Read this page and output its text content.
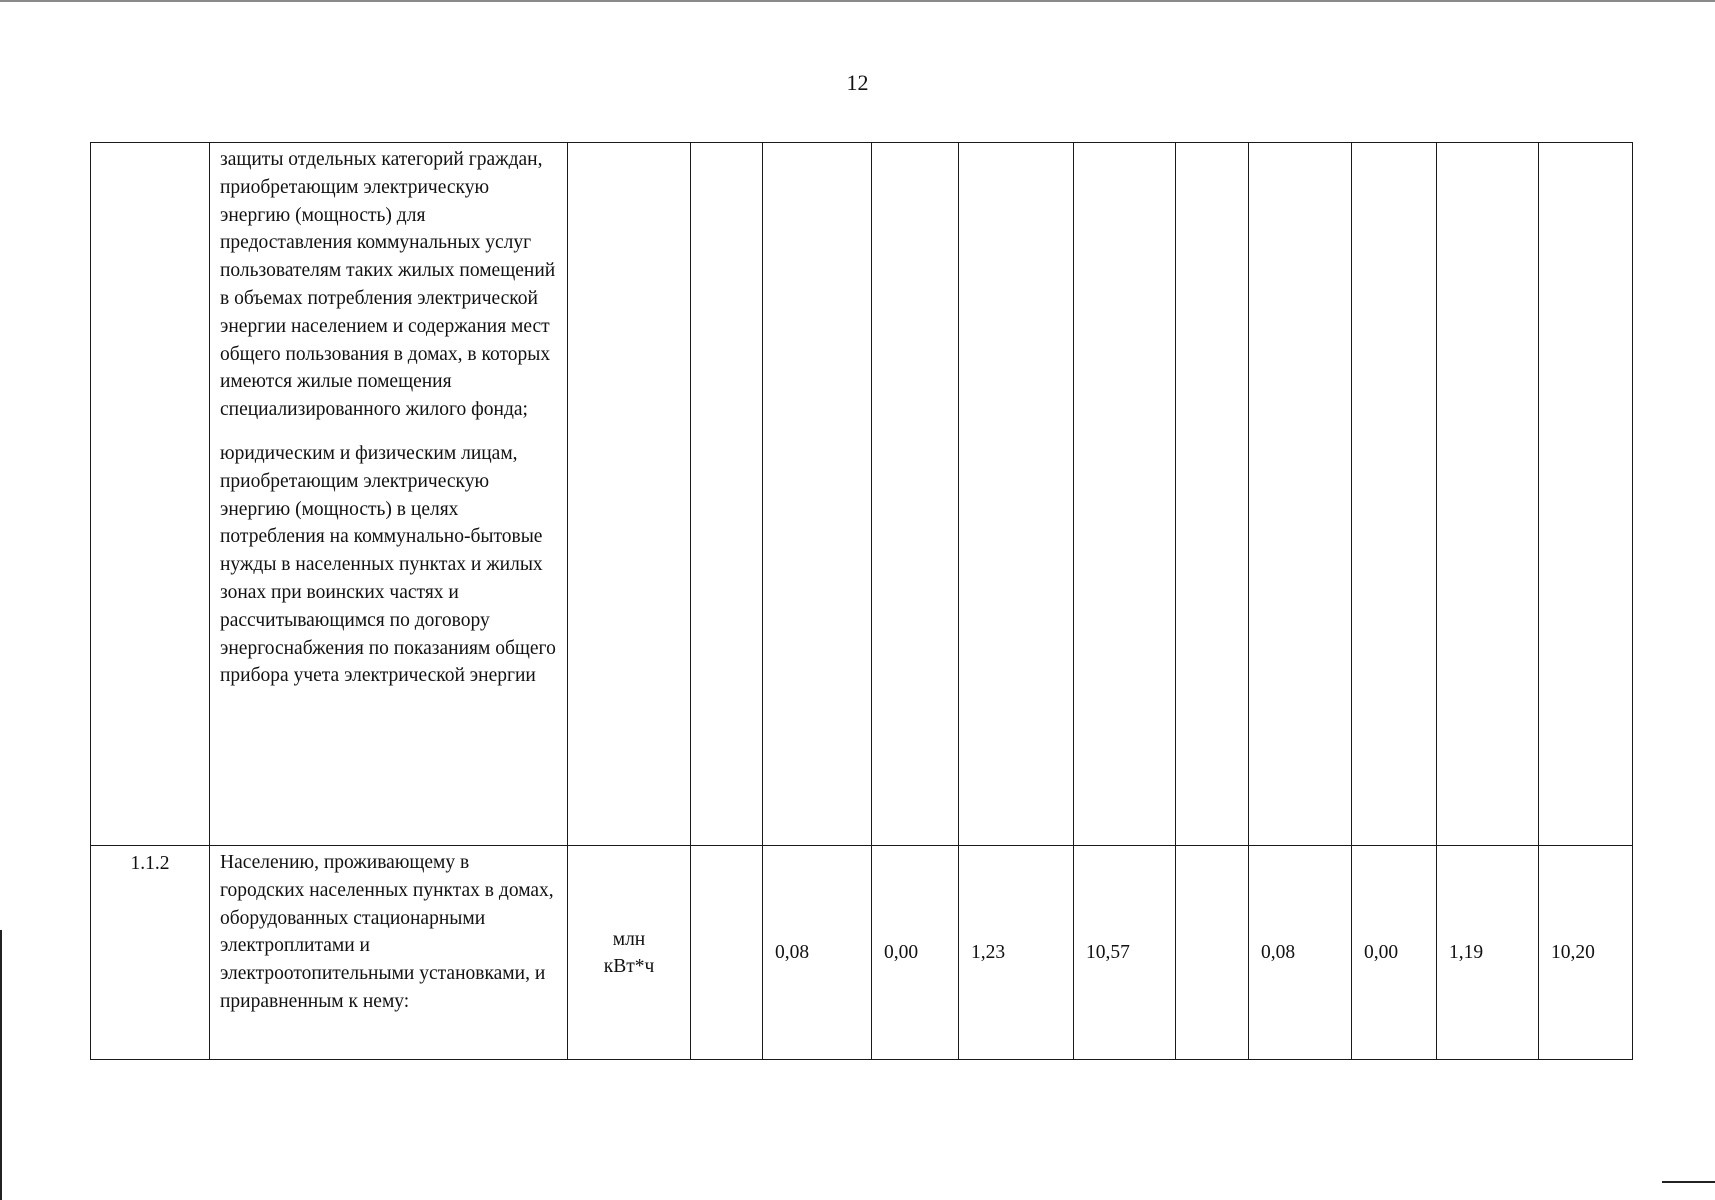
12

	защиты отдельных категорий граждан, приобретающим электрическую энергию (мощность) для предоставления коммунальных услуг пользователям таких жилых помещений в объемах потребления электрической энергии населением и содержания мест общего пользования в домах, в которых имеются жилые помещения специализированного жилого фонда;

юридическим и физическим лицам, приобретающим электрическую энергию (мощность) в целях потребления на коммунально-бытовые нужды в населенных пунктах и жилых зонах при воинских частях и рассчитывающимся по договору энергоснабжения по показаниям общего прибора учета электрической энергии											

1.1.2	Населению, проживающему в городских населенных пунктах в домах, оборудованных стационарными электроплитами и электроотопительными установками, и приравненным к нему:	млн
кВт*ч		0,08	0,00	1,23	10,57		0,08	0,00	1,19	10,20
